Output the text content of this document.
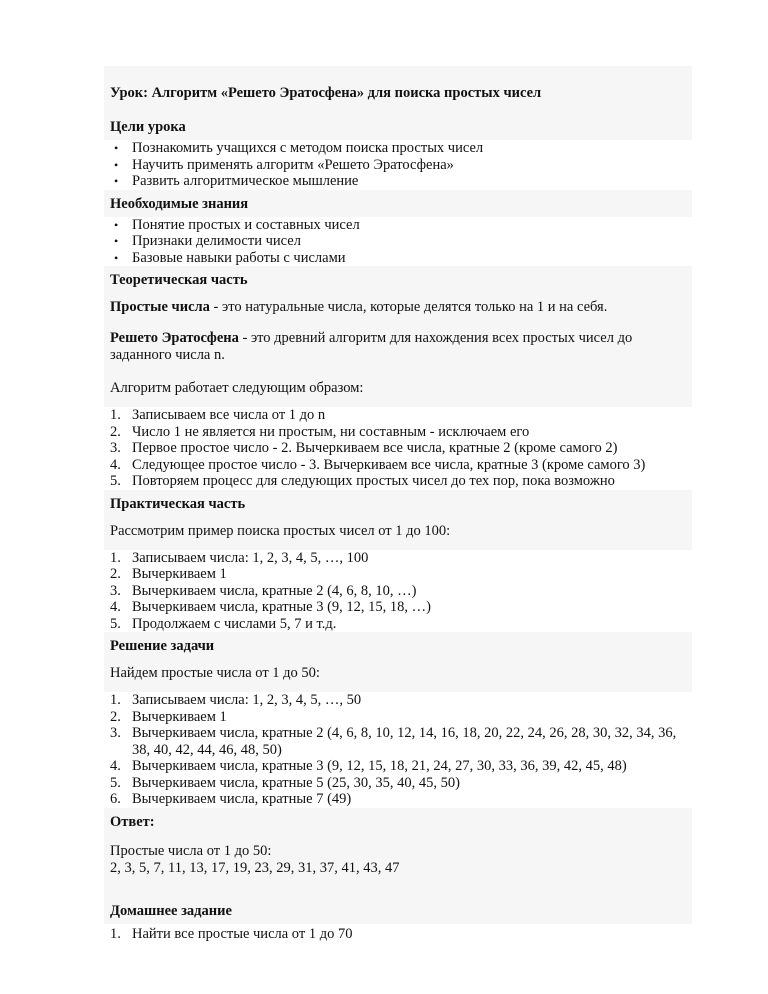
Урок: Алгоритм «Решето Эратосфена» для поиска простых чисел
Цели урока
• Познакомить учащихся с методом поиска простых чисел
• Научить применять алгоритм «Решето Эратосфена»
• Развить алгоритмическое мышление
Необходимые знания
• Понятие простых и составных чисел
• Признаки делимости чисел
• Базовые навыки работы с числами
Теоретическая часть

Простые числа - это натуральные числа, которые делятся только на 1 и на себя.

Решето Эратосфена - это древний алгоритм для нахождения всех простых чисел до заданного числа n.

Алгоритм работает следующим образом:

1. Записываем все числа от 1 до n
2. Число 1 не является ни простым, ни составным - исключаем его
3. Первое простое число - 2. Вычеркиваем все числа, кратные 2 (кроме самого 2)
4. Следующее простое число - 3. Вычеркиваем все числа, кратные 3 (кроме самого 3)
5. Повторяем процесс для следующих простых чисел до тех пор, пока возможно
Практическая часть

Рассмотрим пример поиска простых чисел от 1 до 100:

1. Записываем числа: 1, 2, 3, 4, 5, …, 100
2. Вычеркиваем 1
3. Вычеркиваем числа, кратные 2 (4, 6, 8, 10, …)
4. Вычеркиваем числа, кратные 3 (9, 12, 15, 18, …)
5. Продолжаем с числами 5, 7 и т.д.
Решение задачи

Найдем простые числа от 1 до 50:

1. Записываем числа: 1, 2, 3, 4, 5, …, 50
2. Вычеркиваем 1
3. Вычеркиваем числа, кратные 2 (4, 6, 8, 10, 12, 14, 16, 18, 20, 22, 24, 26, 28, 30, 32, 34, 36, 38, 40, 42, 44, 46, 48, 50)
4. Вычеркиваем числа, кратные 3 (9, 12, 15, 18, 21, 24, 27, 30, 33, 36, 39, 42, 45, 48)
5. Вычеркиваем числа, кратные 5 (25, 30, 35, 40, 45, 50)
6. Вычеркиваем числа, кратные 7 (49)
Ответ:

Простые числа от 1 до 50:
2, 3, 5, 7, 11, 13, 17, 19, 23, 29, 31, 37, 41, 43, 47

Домашнее задание
1. Найти все простые числа от 1 до 70
